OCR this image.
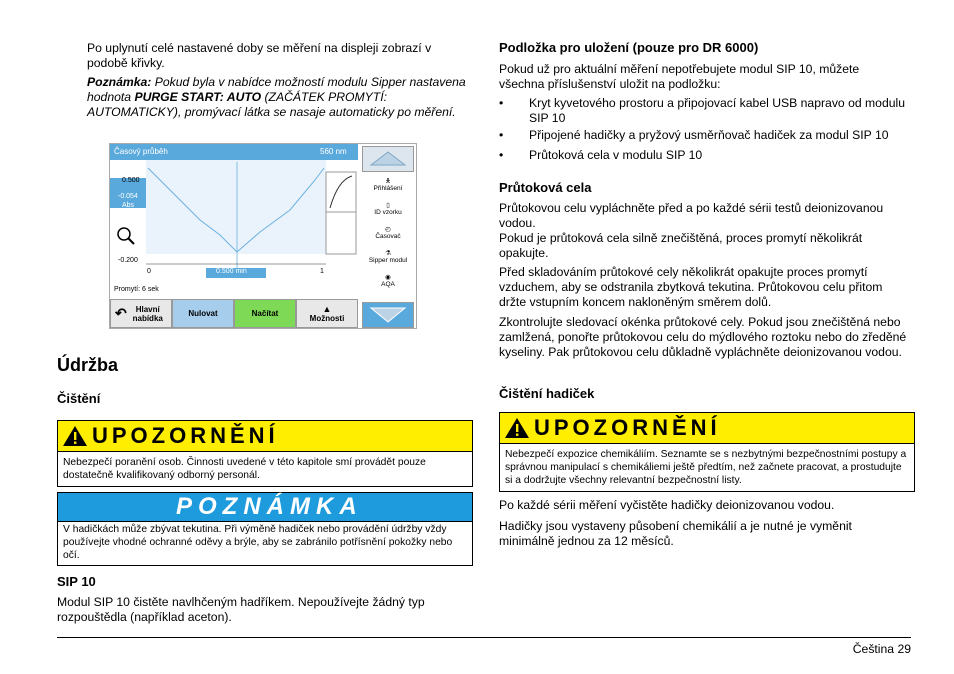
Po uplynutí celé nastavené doby se měření na displeji zobrazí v podobě křivky.

Poznámka: Pokud byla v nabídce možností modulu Sipper nastavena hodnota PURGE START: AUTO (ZAČÁTEK PROMYTÍ: AUTOMATICKY), promývací látka se nasaje automaticky po měření.
Časový průběh	560 nm
0.500
-0.054
Abs
-0.200
0	0.500 min	1
Promytí: 6 sek
↶	Hlavní nabídka	Nulovat	Načítat	▲
Možnosti
🯅
Přihlášení
▯
ID vzorku
◴
Časovač
⚗
Sipper modul
◉
AQA
Údržba
Čištění
UPOZORNĚNÍ
Nebezpečí poranění osob. Činnosti uvedené v této kapitole smí provádět pouze dostatečně kvalifikovaný odborný personál.
POZNÁMKA
V hadičkách může zbývat tekutina. Při výměně hadiček nebo provádění údržby vždy používejte vhodné ochranné oděvy a brýle, aby se zabránilo potřísnění pokožky nebo očí.
SIP 10
Modul SIP 10 čistěte navlhčeným hadříkem. Nepoužívejte žádný typ rozpouštědla (například aceton).
Podložka pro uložení (pouze pro DR 6000)
Pokud už pro aktuální měření nepotřebujete modul SIP 10, můžete všechna příslušenství uložit na podložku:
• Kryt kyvetového prostoru a připojovací kabel USB napravo od modulu SIP 10
• Připojené hadičky a pryžový usměrňovač hadiček za modul SIP 10
• Průtoková cela v modulu SIP 10
Průtoková cela

Průtokovou celu vypláchněte před a po každé sérii testů deionizovanou vodou.

Pokud je průtoková cela silně znečištěná, proces promytí několikrát opakujte.

Před skladováním průtokové cely několikrát opakujte proces promytí vzduchem, aby se odstranila zbytková tekutina. Průtokovou celu přitom držte vstupním koncem nakloněným směrem dolů.
Zkontrolujte sledovací okénka průtokové cely. Pokud jsou znečištěná nebo zamlžená, ponořte průtokovou celu do mýdlového roztoku nebo do zředěné kyseliny. Pak průtokovou celu důkladně vypláchněte deionizovanou vodou.
Čištění hadiček
UPOZORNĚNÍ
Nebezpečí expozice chemikáliím. Seznamte se s nezbytnými bezpečnostními postupy a správnou manipulací s chemikáliemi ještě předtím, než začnete pracovat, a prostudujte si a dodržujte všechny relevantní bezpečnostní listy.
Po každé sérii měření vyčistěte hadičky deionizovanou vodou.
Hadičky jsou vystaveny působení chemikálií a je nutné je vyměnit minimálně jednou za 12 měsíců.
Čeština 29
